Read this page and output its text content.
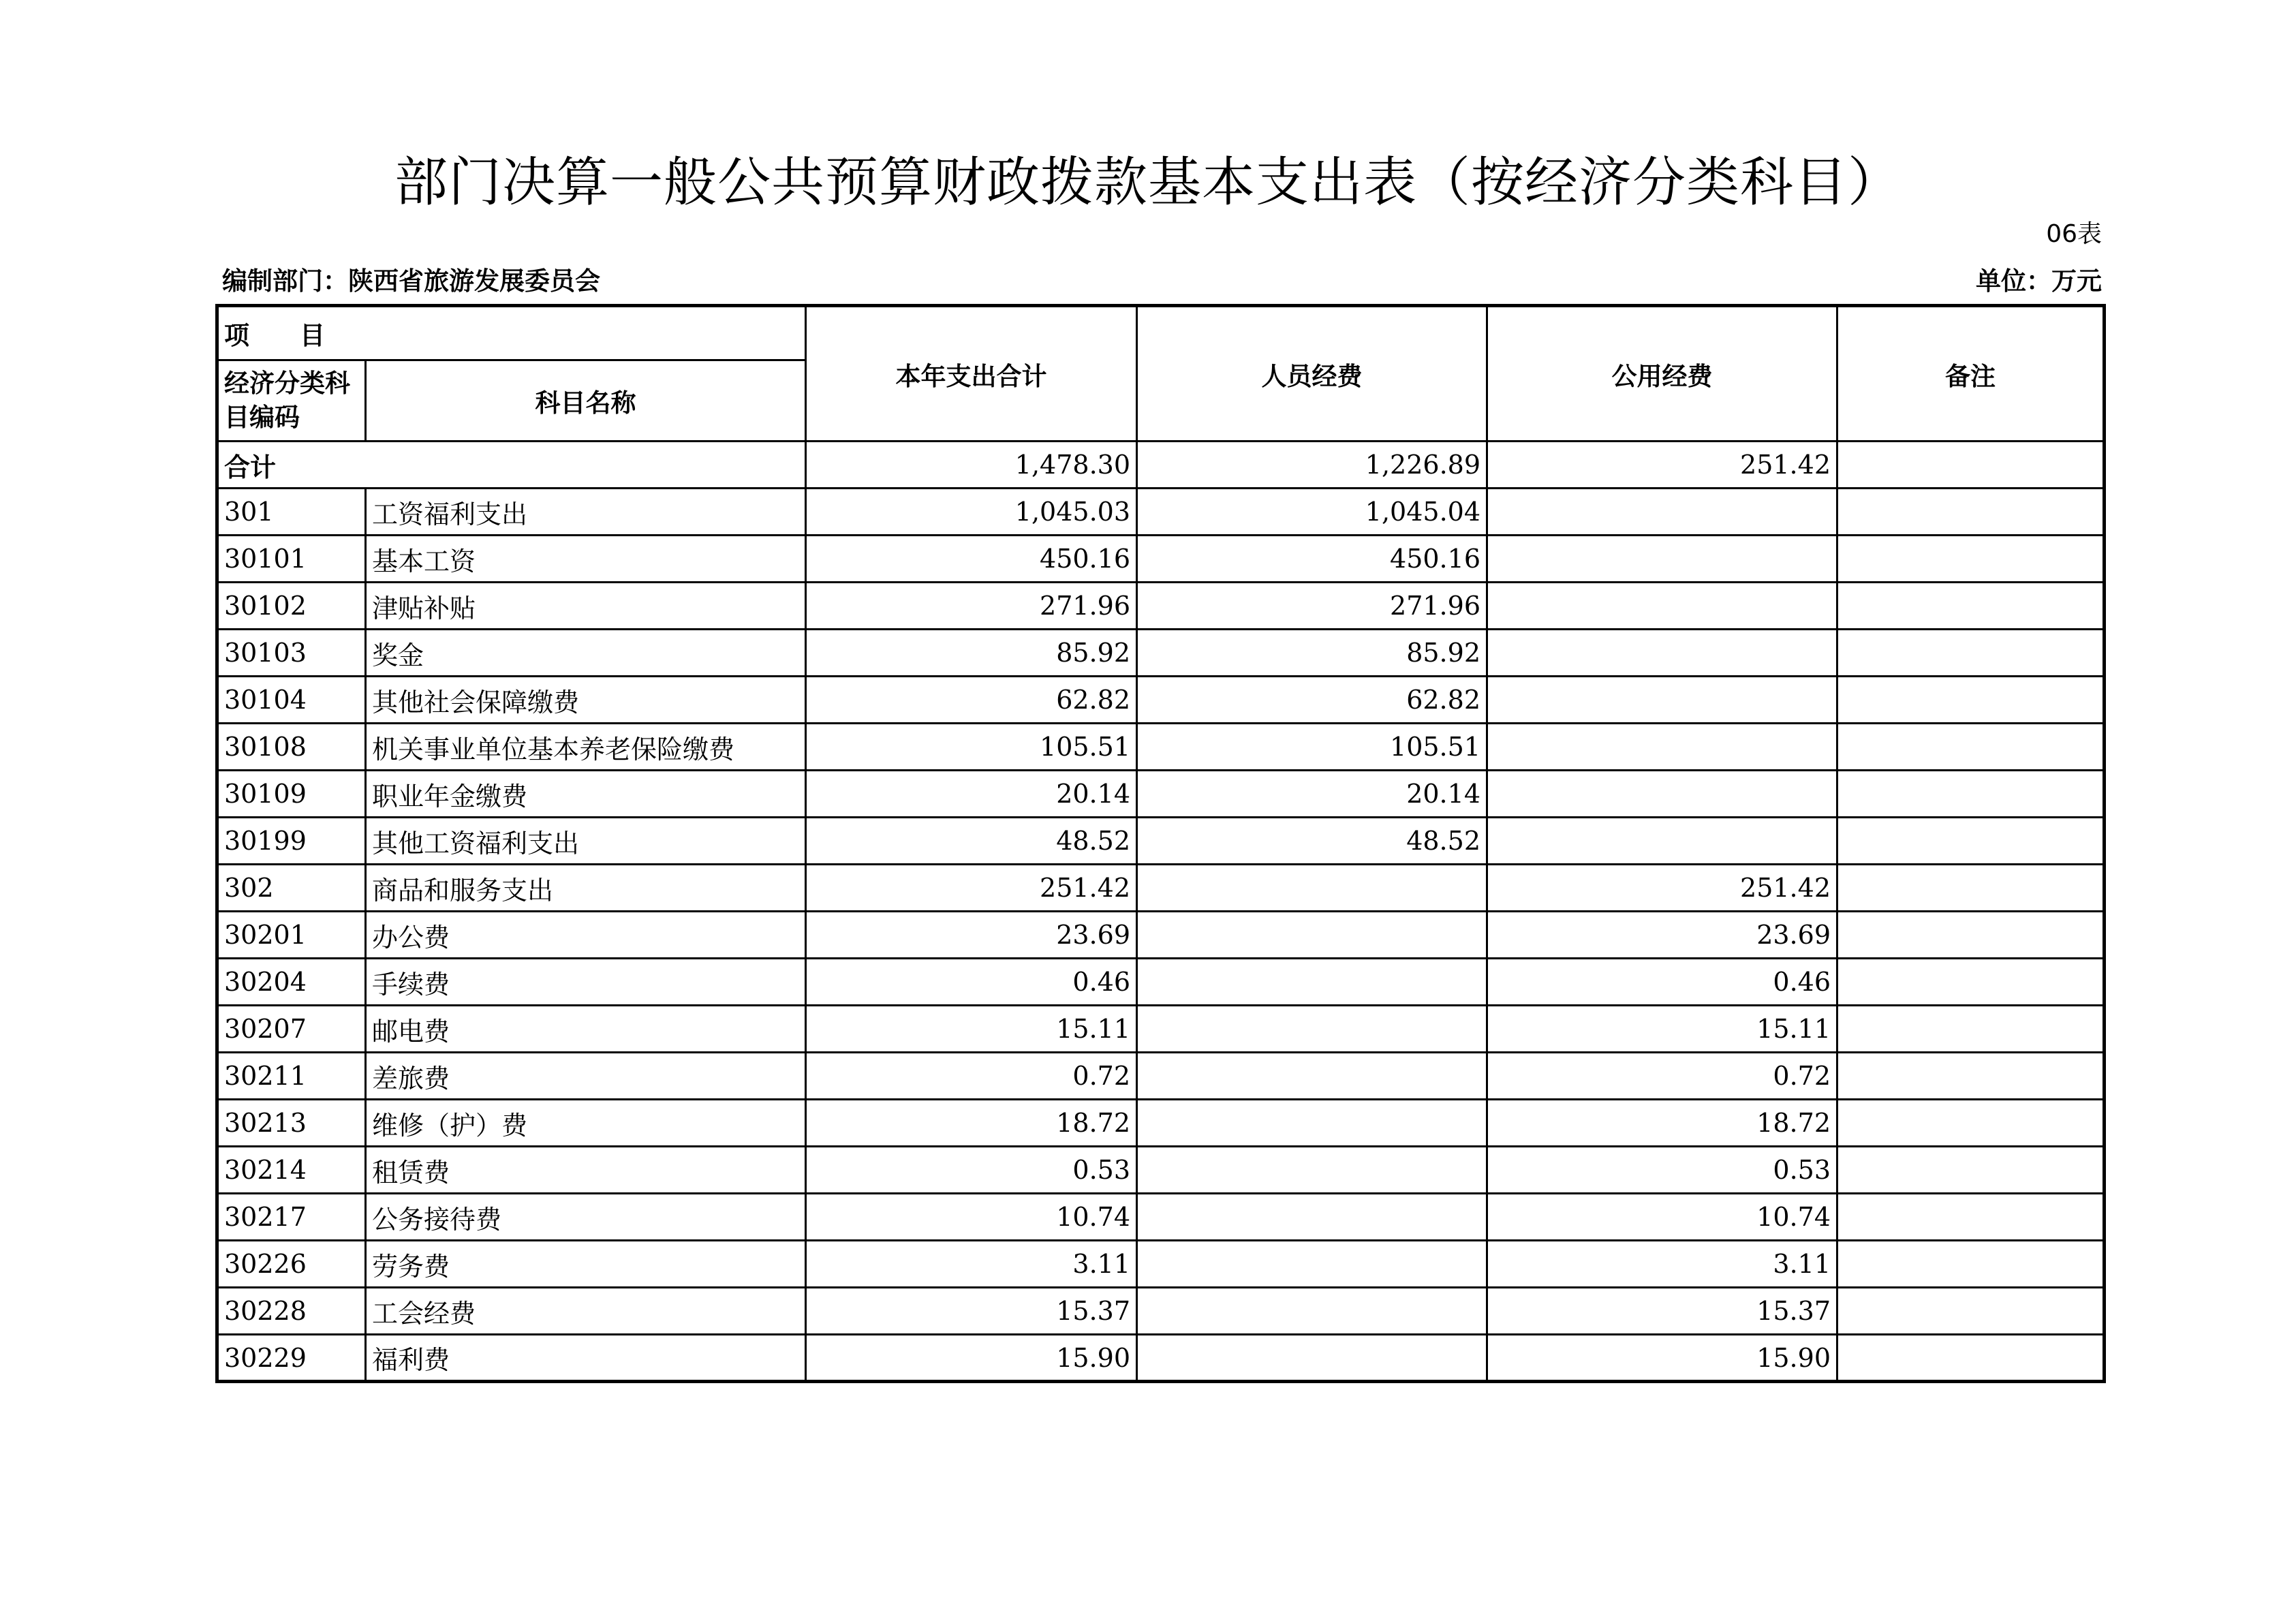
部门决算一般公共预算财政拨款基本支出表（按经济分类科目）
06表
编制部门：陕西省旅游发展委员会	单位：万元
项　　目		本年支出合计	人员经费	公用经费	备注
经济分类科目编码	科目名称				
合计		1,478.30	1,226.89	251.42	
301	工资福利支出	1,045.03	1,045.04		
30101	基本工资	450.16	450.16		
30102	津贴补贴	271.96	271.96		
30103	奖金	85.92	85.92		
30104	其他社会保障缴费	62.82	62.82		
30108	机关事业单位基本养老保险缴费	105.51	105.51		
30109	职业年金缴费	20.14	20.14		
30199	其他工资福利支出	48.52	48.52		
302	商品和服务支出	251.42		251.42	
30201	办公费	23.69		23.69	
30204	手续费	0.46		0.46	
30207	邮电费	15.11		15.11	
30211	差旅费	0.72		0.72	
30213	维修（护）费	18.72		18.72	
30214	租赁费	0.53		0.53	
30217	公务接待费	10.74		10.74	
30226	劳务费	3.11		3.11	
30228	工会经费	15.37		15.37	
30229	福利费	15.90		15.90	
